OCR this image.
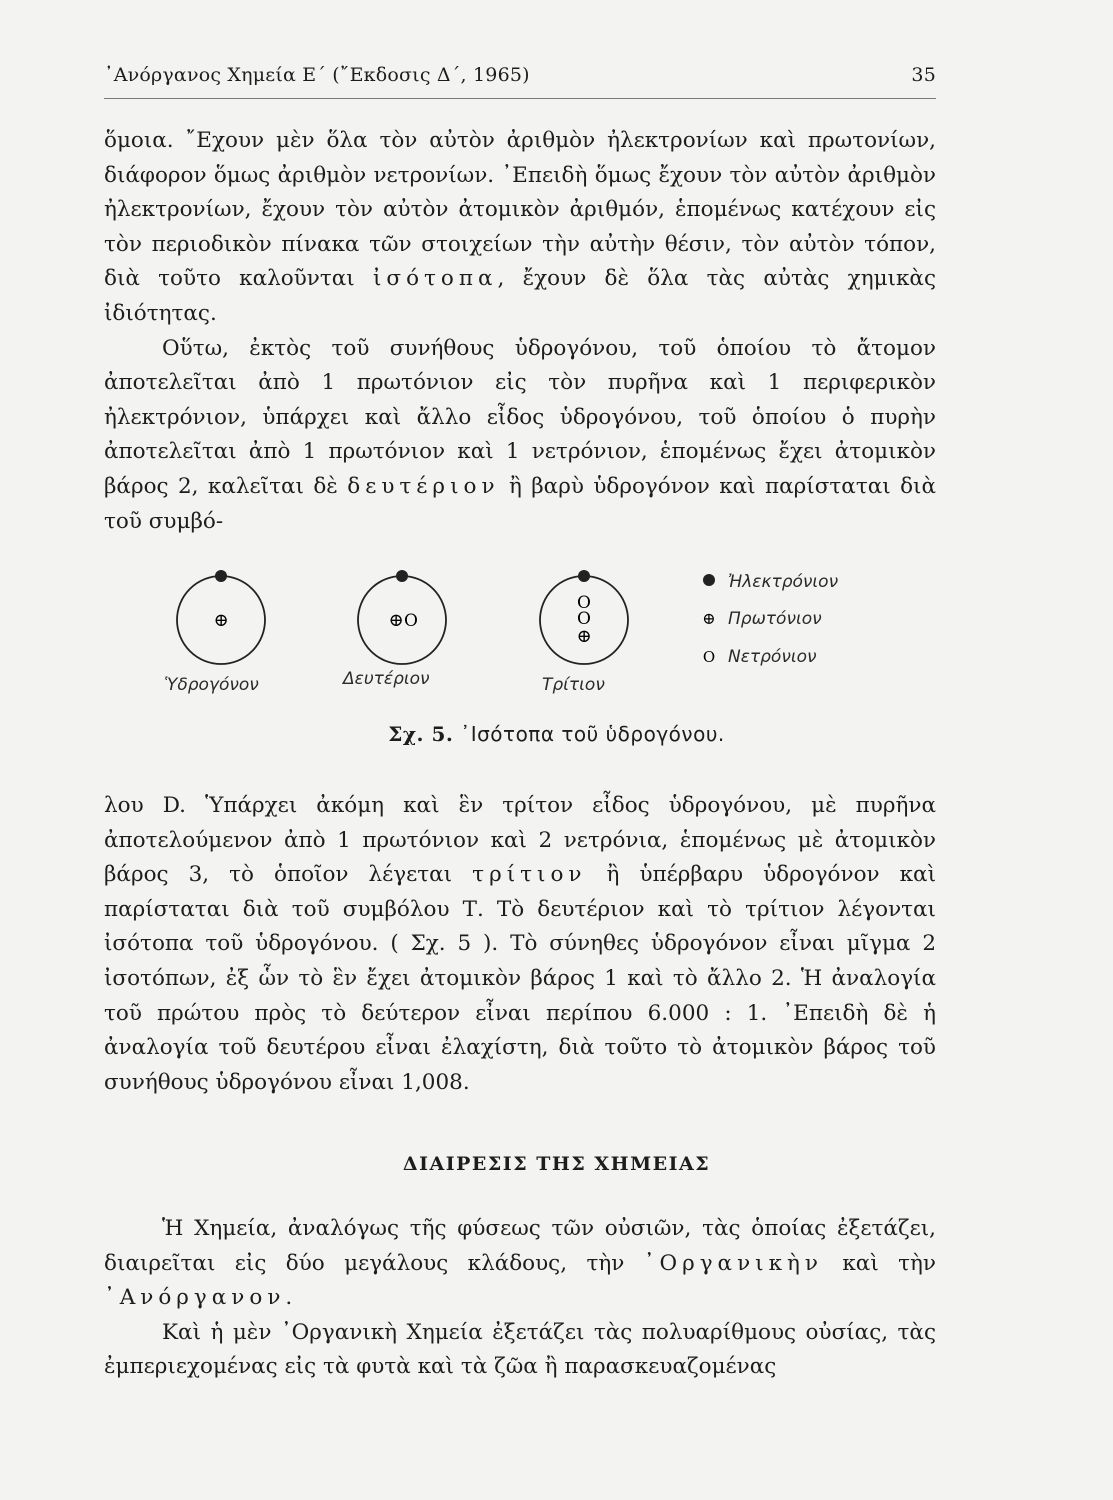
᾿Ανόργανος Χημεία Ε΄ (῎Εκδοσις Δ΄, 1965)	35

ὅμοια. ῎Εχουν μὲν ὅλα τὸν αὐτὸν ἀριθμὸν ἠλεκτρονίων καὶ πρωτονίων, διάφορον ὅμως ἀριθμὸν νετρονίων. ᾿Επειδὴ ὅμως ἔχουν τὸν αὐτὸν ἀριθμὸν ἠλεκτρονίων, ἔχουν τὸν αὐτὸν ἀτομικὸν ἀριθμόν, ἑπομένως κατέχουν εἰς τὸν περιοδικὸν πίνακα τῶν στοιχείων τὴν αὐτὴν θέσιν, τὸν αὐτὸν τόπον, διὰ τοῦτο καλοῦνται ἰσότοπα, ἔχουν δὲ ὅλα τὰς αὐτὰς χημικὰς ἰδιότητας.

Οὕτω, ἐκτὸς τοῦ συνήθους ὑδρογόνου, τοῦ ὁποίου τὸ ἄτομον ἀποτελεῖται ἀπὸ 1 πρωτόνιον εἰς τὸν πυρῆνα καὶ 1 περιφερικὸν ἠλεκτρόνιον, ὑπάρχει καὶ ἄλλο εἶδος ὑδρογόνου, τοῦ ὁποίου ὁ πυρὴν ἀποτελεῖται ἀπὸ 1 πρωτόνιον καὶ 1 νετρόνιον, ἑπομένως ἔχει ἀτομικὸν βάρος 2, καλεῖται δὲ δευτέριον ἢ βαρὺ ὑδρογόνον καὶ παρίσταται διὰ τοῦ συμβό-

⊕
Ὑδρογόνον
⊕ O
Δευτέριον
O
O
⊕
Τρίτιον
Ἠλεκτρόνιον
⊕ Πρωτόνιον
O Νετρόνιον
Σχ. 5. ᾿Ισότοπα τοῦ ὑδρογόνου.

λου D. Ὑπάρχει ἀκόμη καὶ ἓν τρίτον εἶδος ὑδρογόνου, μὲ πυρῆνα ἀποτελούμενον ἀπὸ 1 πρωτόνιον καὶ 2 νετρόνια, ἑπομένως μὲ ἀτομικὸν βάρος 3, τὸ ὁποῖον λέγεται τρίτιον ἢ ὑπέρβαρυ ὑδρογόνον καὶ παρίσταται διὰ τοῦ συμβόλου Τ. Τὸ δευτέριον καὶ τὸ τρίτιον λέγονται ἰσότοπα τοῦ ὑδρογόνου. ( Σχ. 5 ). Τὸ σύνηθες ὑδρογόνον εἶναι μῖγμα 2 ἰσοτόπων, ἐξ ὧν τὸ ἓν ἔχει ἀτομικὸν βάρος 1 καὶ τὸ ἄλλο 2. Ἡ ἀναλογία τοῦ πρώτου πρὸς τὸ δεύτερον εἶναι περίπου 6.000 : 1. ᾿Επειδὴ δὲ ἡ ἀναλογία τοῦ δευτέρου εἶναι ἐλαχίστη, διὰ τοῦτο τὸ ἀτομικὸν βάρος τοῦ συνήθους ὑδρογόνου εἶναι 1,008.

ΔΙΑΙΡΕΣΙΣ ΤΗΣ ΧΗΜΕΙΑΣ

Ἡ Χημεία, ἀναλόγως τῆς φύσεως τῶν οὐσιῶν, τὰς ὁποίας ἐξετάζει, διαιρεῖται εἰς δύο μεγάλους κλάδους, τὴν ᾿Οργανικὴν καὶ τὴν ᾿Ανόργανον.

Καὶ ἡ μὲν ᾿Οργανικὴ Χημεία ἐξετάζει τὰς πολυαρίθμους οὐσίας, τὰς ἐμπεριεχομένας εἰς τὰ φυτὰ καὶ τὰ ζῶα ἢ παρασκευαζομένας
